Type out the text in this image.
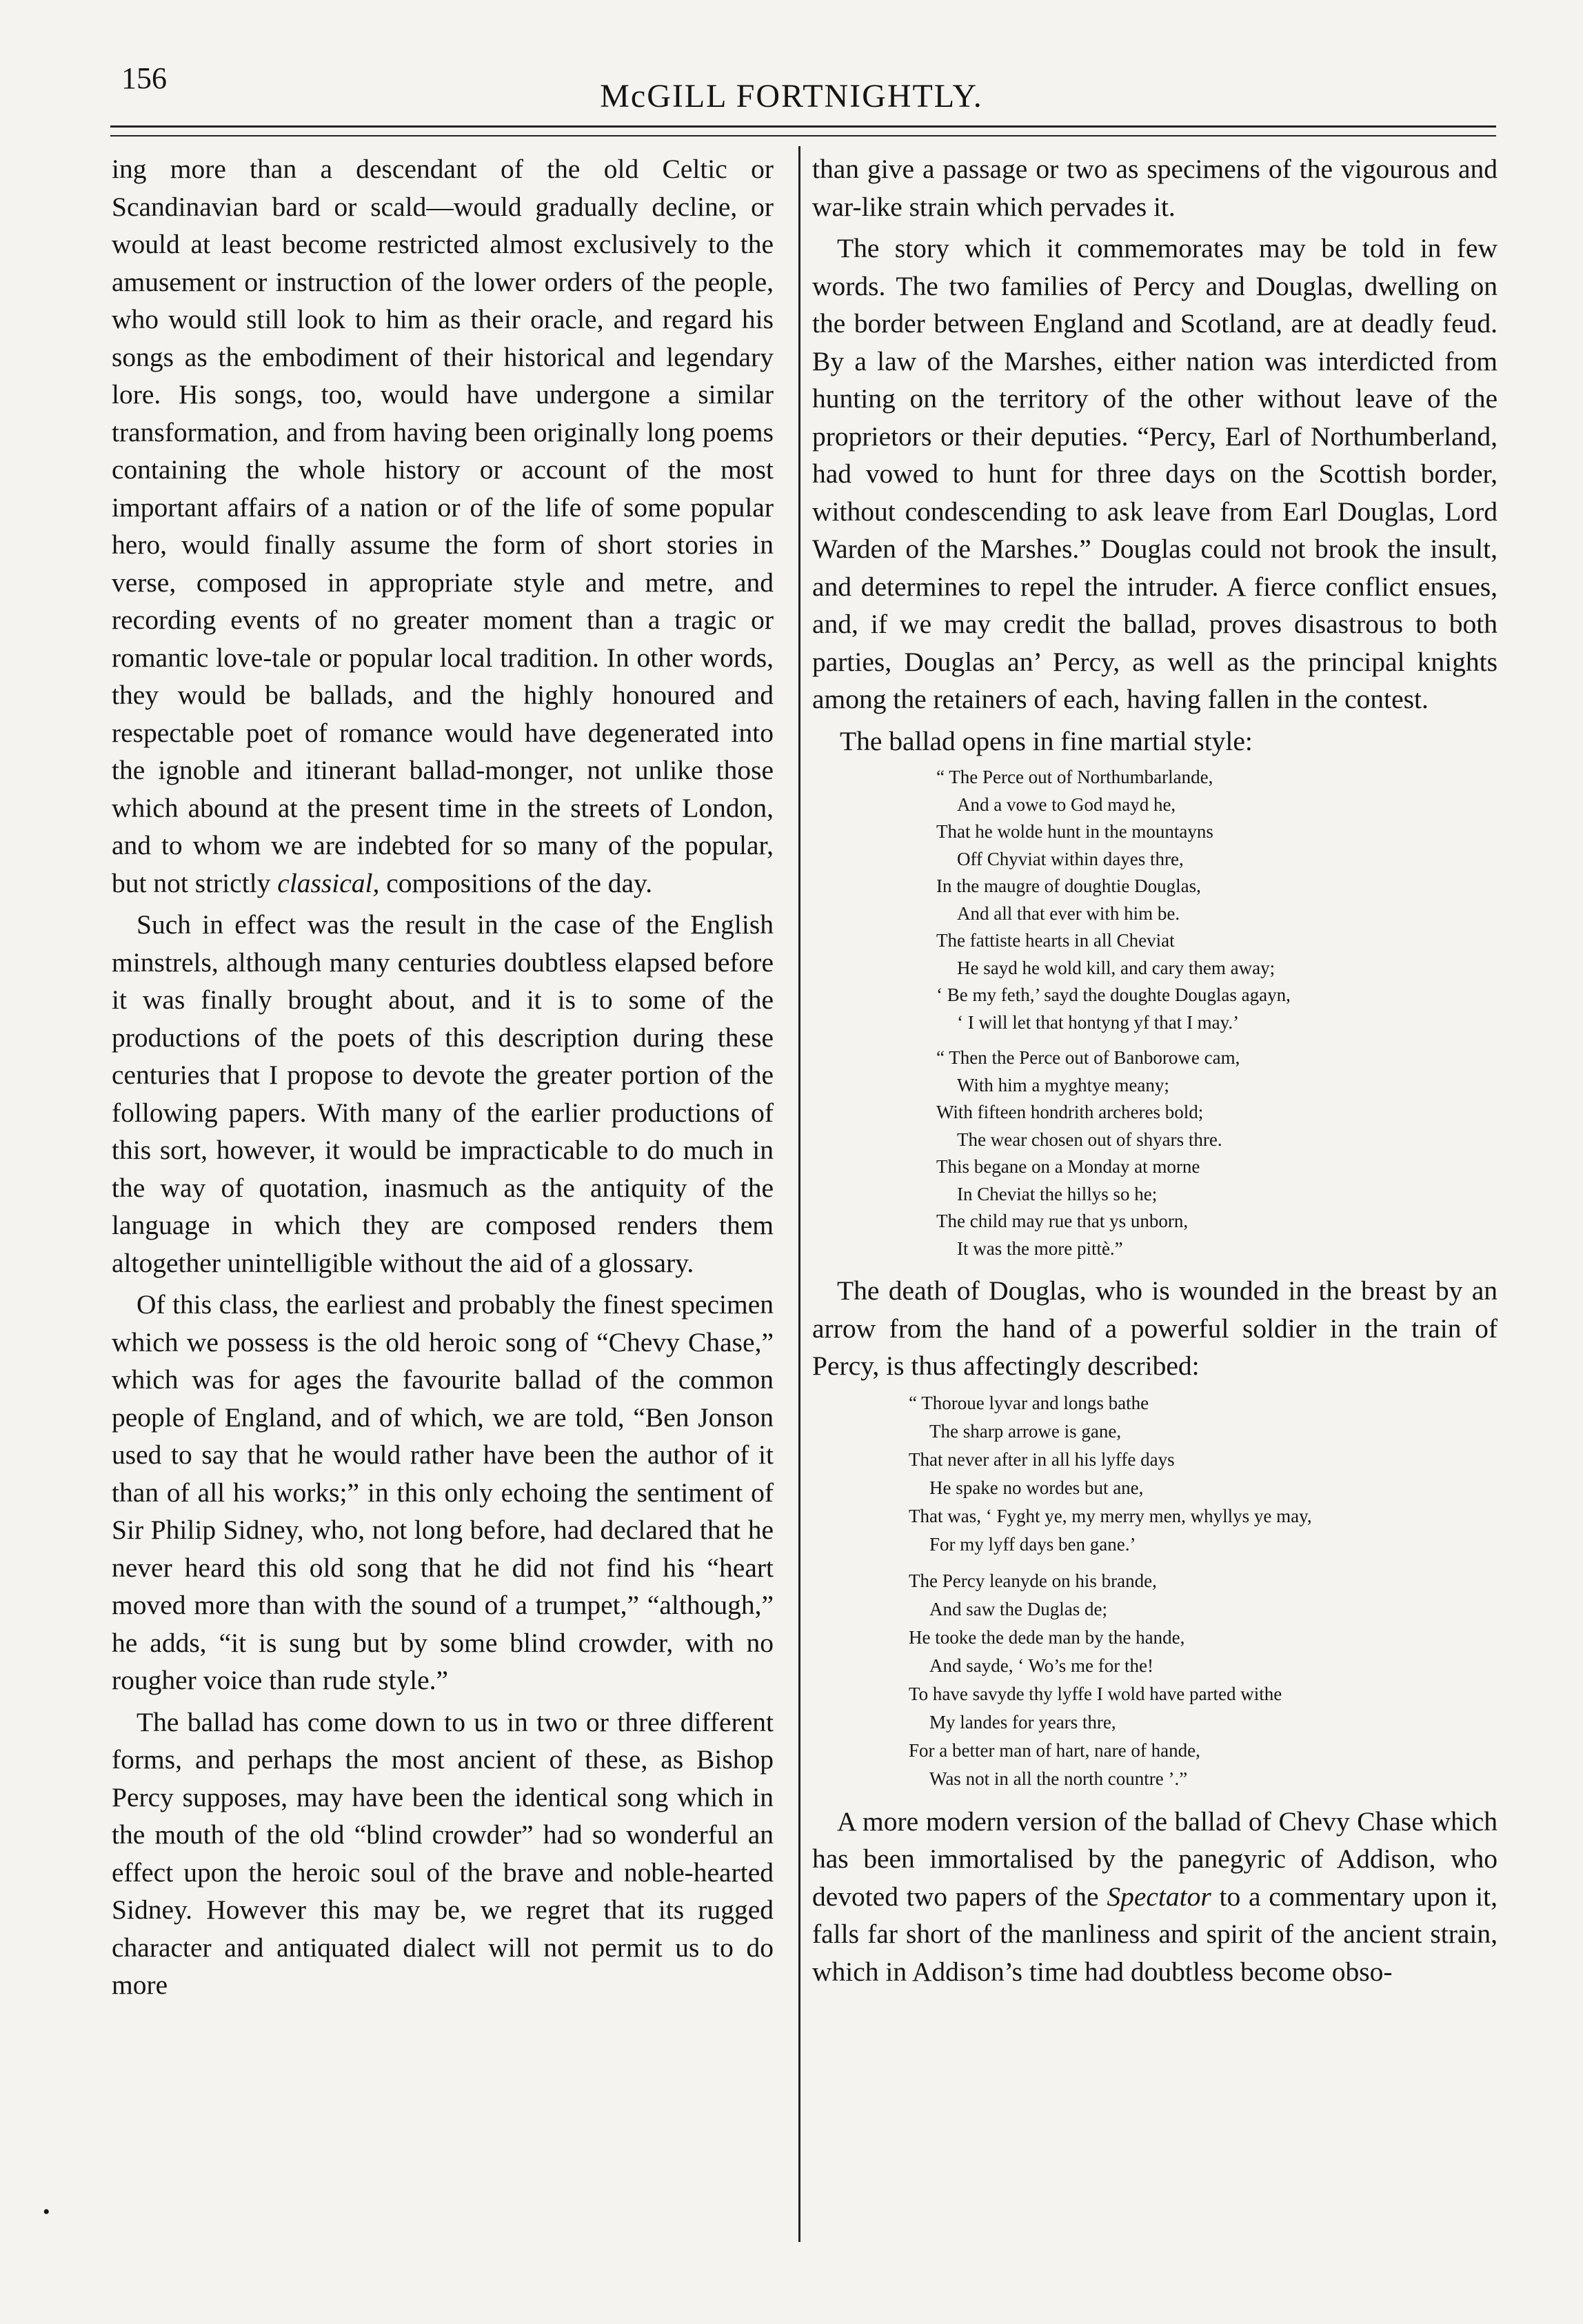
156	McGILL FORTNIGHTLY.

ing more than a descendant of the old Celtic or Scandinavian bard or scald—would gradually decline, or would at least become restricted almost exclusively to the amusement or instruction of the lower orders of the people, who would still look to him as their oracle, and regard his songs as the embodiment of their historical and legendary lore. His songs, too, would have undergone a similar transformation, and from having been originally long poems containing the whole history or account of the most important affairs of a nation or of the life of some popular hero, would finally assume the form of short stories in verse, composed in appropriate style and metre, and recording events of no greater moment than a tragic or romantic love-tale or popular local tradition. In other words, they would be ballads, and the highly honoured and respectable poet of romance would have degenerated into the ignoble and itinerant ballad-monger, not unlike those which abound at the present time in the streets of London, and to whom we are indebted for so many of the popular, but not strictly classical, compositions of the day.

Such in effect was the result in the case of the English minstrels, although many centuries doubtless elapsed before it was finally brought about, and it is to some of the productions of the poets of this description during these centuries that I propose to devote the greater portion of the following papers. With many of the earlier productions of this sort, however, it would be impracticable to do much in the way of quotation, inasmuch as the antiquity of the language in which they are composed renders them altogether unintelligible without the aid of a glossary.

Of this class, the earliest and probably the finest specimen which we possess is the old heroic song of “Chevy Chase,” which was for ages the favourite ballad of the common people of England, and of which, we are told, “Ben Jonson used to say that he would rather have been the author of it than of all his works;” in this only echoing the sentiment of Sir Philip Sidney, who, not long before, had declared that he never heard this old song that he did not find his “heart moved more than with the sound of a trumpet,” “although,” he adds, “it is sung but by some blind crowder, with no rougher voice than rude style.”

The ballad has come down to us in two or three different forms, and perhaps the most ancient of these, as Bishop Percy supposes, may have been the identical song which in the mouth of the old “blind crowder” had so wonderful an effect upon the heroic soul of the brave and noble-hearted Sidney. However this may be, we regret that its rugged character and antiquated dialect will not permit us to do more

than give a passage or two as specimens of the vigourous and war-like strain which pervades it.

The story which it commemorates may be told in few words. The two families of Percy and Douglas, dwelling on the border between England and Scotland, are at deadly feud. By a law of the Marshes, either nation was interdicted from hunting on the territory of the other without leave of the proprietors or their deputies. “Percy, Earl of Northumberland, had vowed to hunt for three days on the Scottish border, without condescending to ask leave from Earl Douglas, Lord Warden of the Marshes.” Douglas could not brook the insult, and determines to repel the intruder. A fierce conflict ensues, and, if we may credit the ballad, proves disastrous to both parties, Douglas an’ Percy, as well as the principal knights among the retainers of each, having fallen in the contest.

The ballad opens in fine martial style:

“ The Perce out of Northumbarlande,
And a vowe to God mayd he,
That he wolde hunt in the mountayns
Off Chyviat within dayes thre,
In the maugre of doughtie Douglas,
And all that ever with him be.
The fattiste hearts in all Cheviat
He sayd he wold kill, and cary them away;
‘ Be my feth,’ sayd the doughte Douglas agayn,
‘ I will let that hontyng yf that I may.’
“ Then the Perce out of Banborowe cam,
With him a myghtye meany;
With fifteen hondrith archeres bold;
The wear chosen out of shyars thre.
This begane on a Monday at morne
In Cheviat the hillys so he;
The child may rue that ys unborn,
It was the more pittè.”

The death of Douglas, who is wounded in the breast by an arrow from the hand of a powerful soldier in the train of Percy, is thus affectingly described:

“ Thoroue lyvar and longs bathe
The sharp arrowe is gane,
That never after in all his lyffe days
He spake no wordes but ane,
That was, ‘ Fyght ye, my merry men, whyllys ye may,
For my lyff days ben gane.’
The Percy leanyde on his brande,
And saw the Duglas de;
He tooke the dede man by the hande,
And sayde, ‘ Wo’s me for the!
To have savyde thy lyffe I wold have parted withe
My landes for years thre,
For a better man of hart, nare of hande,
Was not in all the north countre ’.”

A more modern version of the ballad of Chevy Chase which has been immortalised by the panegyric of Addison, who devoted two papers of the Spectator to a commentary upon it, falls far short of the manliness and spirit of the ancient strain, which in Addison’s time had doubtless become obso-

•
